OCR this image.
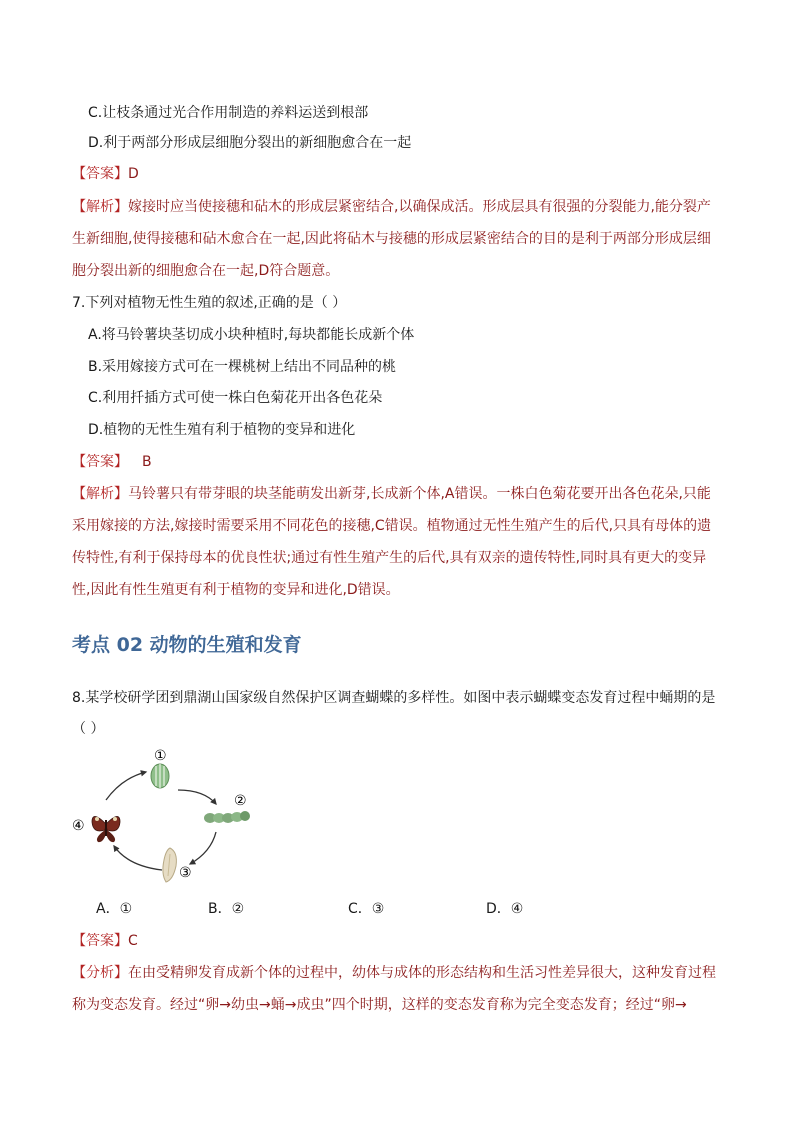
C.让枝条通过光合作用制造的养料运送到根部
D.利于两部分形成层细胞分裂出的新细胞愈合在一起
【答案】D
【解析】嫁接时应当使接穗和砧木的形成层紧密结合,以确保成活。形成层具有很强的分裂能力,能分裂产
生新细胞,使得接穗和砧木愈合在一起,因此将砧木与接穗的形成层紧密结合的目的是利于两部分形成层细
胞分裂出新的细胞愈合在一起,D符合题意。
7.下列对植物无性生殖的叙述,正确的是（ ）
A.将马铃薯块茎切成小块种植时,每块都能长成新个体
B.采用嫁接方式可在一棵桃树上结出不同品种的桃
C.利用扦插方式可使一株白色菊花开出各色花朵
D.植物的无性生殖有利于植物的变异和进化
【答案】 B
【解析】马铃薯只有带芽眼的块茎能萌发出新芽,长成新个体,A错误。一株白色菊花要开出各色花朵,只能
采用嫁接的方法,嫁接时需要采用不同花色的接穗,C错误。植物通过无性生殖产生的后代,只具有母体的遗
传特性,有利于保持母本的优良性状;通过有性生殖产生的后代,具有双亲的遗传特性,同时具有更大的变异
性,因此有性生殖更有利于植物的变异和进化,D错误。
考点 02 动物的生殖和发育
8.某学校研学团到鼎湖山国家级自然保护区调查蝴蝶的多样性。如图中表示蝴蝶变态发育过程中蛹期的是
（ ）
①
②
③
④
A．①	B．②	C．③	D．④
【答案】C
【分析】在由受精卵发育成新个体的过程中，幼体与成体的形态结构和生活习性差异很大，这种发育过程
称为变态发育。经过“卵→幼虫→蛹→成虫”四个时期，这样的变态发育称为完全变态发育；经过“卵→
